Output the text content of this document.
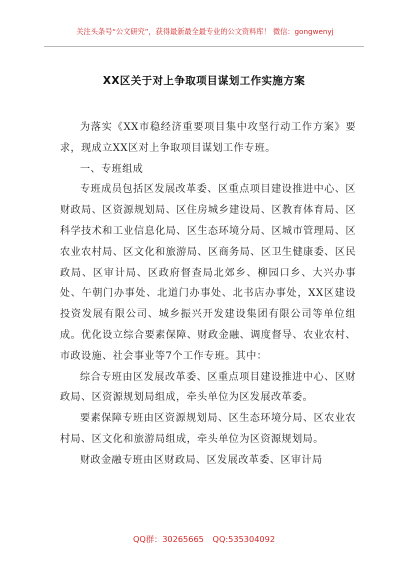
关注头条号“公文研究”，获得最新最全最专业的公文资料库！ 微信：gongwenyj
XX区关于对上争取项目谋划工作实施方案

为落实《XX市稳经济重要项目集中攻坚行动工作方案》要求，现成立XX区对上争取项目谋划工作专班。

一、专班组成

专班成员包括区发展改革委、区重点项目建设推进中心、区财政局、区资源规划局、区住房城乡建设局、区教育体育局、区科学技术和工业信息化局、区生态环境分局、区城市管理局、区农业农村局、区文化和旅游局、区商务局、区卫生健康委、区民政局、区审计局、区政府督查局北郊乡、柳园口乡、大兴办事处、午朝门办事处、北道门办事处、北书店办事处，XX区建设投资发展有限公司、城乡振兴开发建设集团有限公司等单位组成。优化设立综合要素保障、财政金融、调度督导、农业农村、市政设施、社会事业等7个工作专班。其中：

综合专班由区发展改革委、区重点项目建设推进中心、区财政局、区资源规划局组成，牵头单位为区发展改革委。

要素保障专班由区资源规划局、区生态环境分局、区农业农村局、区文化和旅游局组成，牵头单位为区资源规划局。

财政金融专班由区财政局、区发展改革委、区审计局

QQ群：30265665 QQ:535304092
